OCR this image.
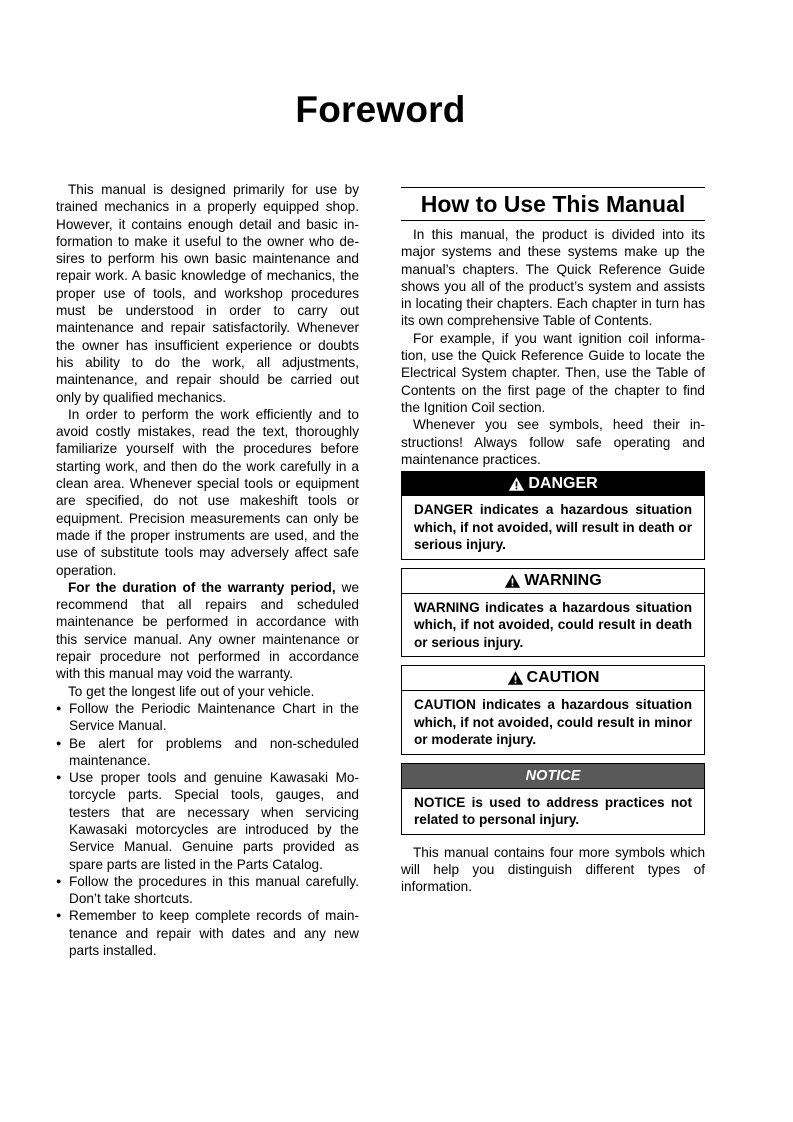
Foreword

This manual is designed primarily for use by trained mechanics in a properly equipped shop. However, it contains enough detail and basic information to make it useful to the owner who desires to perform his own basic maintenance and repair work. A basic knowledge of mechanics, the proper use of tools, and workshop procedures must be understood in order to carry out maintenance and repair satisfactorily. Whenever the owner has insufficient experience or doubts his ability to do the work, all adjustments, maintenance, and repair should be carried out only by qualified mechanics.

In order to perform the work efficiently and to avoid costly mistakes, read the text, thoroughly familiarize yourself with the procedures before starting work, and then do the work carefully in a clean area. Whenever special tools or equipment are specified, do not use makeshift tools or equipment. Precision measurements can only be made if the proper instruments are used, and the use of substitute tools may adversely affect safe operation.

For the duration of the warranty period, we recommend that all repairs and scheduled maintenance be performed in accordance with this service manual. Any owner maintenance or repair procedure not performed in accordance with this manual may void the warranty.

To get the longest life out of your vehicle.

● Follow the Periodic Maintenance Chart in the Service Manual.
● Be alert for problems and non-scheduled maintenance.
● Use proper tools and genuine Kawasaki Motorcycle parts. Special tools, gauges, and testers that are necessary when servicing Kawasaki motorcycles are introduced by the Service Manual. Genuine parts provided as spare parts are listed in the Parts Catalog.
● Follow the procedures in this manual carefully. Don’t take shortcuts.
● Remember to keep complete records of maintenance and repair with dates and any new parts installed.
How to Use This Manual

In this manual, the product is divided into its major systems and these systems make up the manual’s chapters. The Quick Reference Guide shows you all of the product’s system and assists in locating their chapters. Each chapter in turn has its own comprehensive Table of Contents.

For example, if you want ignition coil information, use the Quick Reference Guide to locate the Electrical System chapter. Then, use the Table of Contents on the first page of the chapter to find the Ignition Coil section.

Whenever you see symbols, heed their instructions! Always follow safe operating and maintenance practices.

DANGER
DANGER indicates a hazardous situation which, if not avoided, will result in death or serious injury.
WARNING
WARNING indicates a hazardous situation which, if not avoided, could result in death or serious injury.
CAUTION
CAUTION indicates a hazardous situation which, if not avoided, could result in minor or moderate injury.
NOTICE
NOTICE is used to address practices not related to personal injury.

This manual contains four more symbols which will help you distinguish different types of information.
